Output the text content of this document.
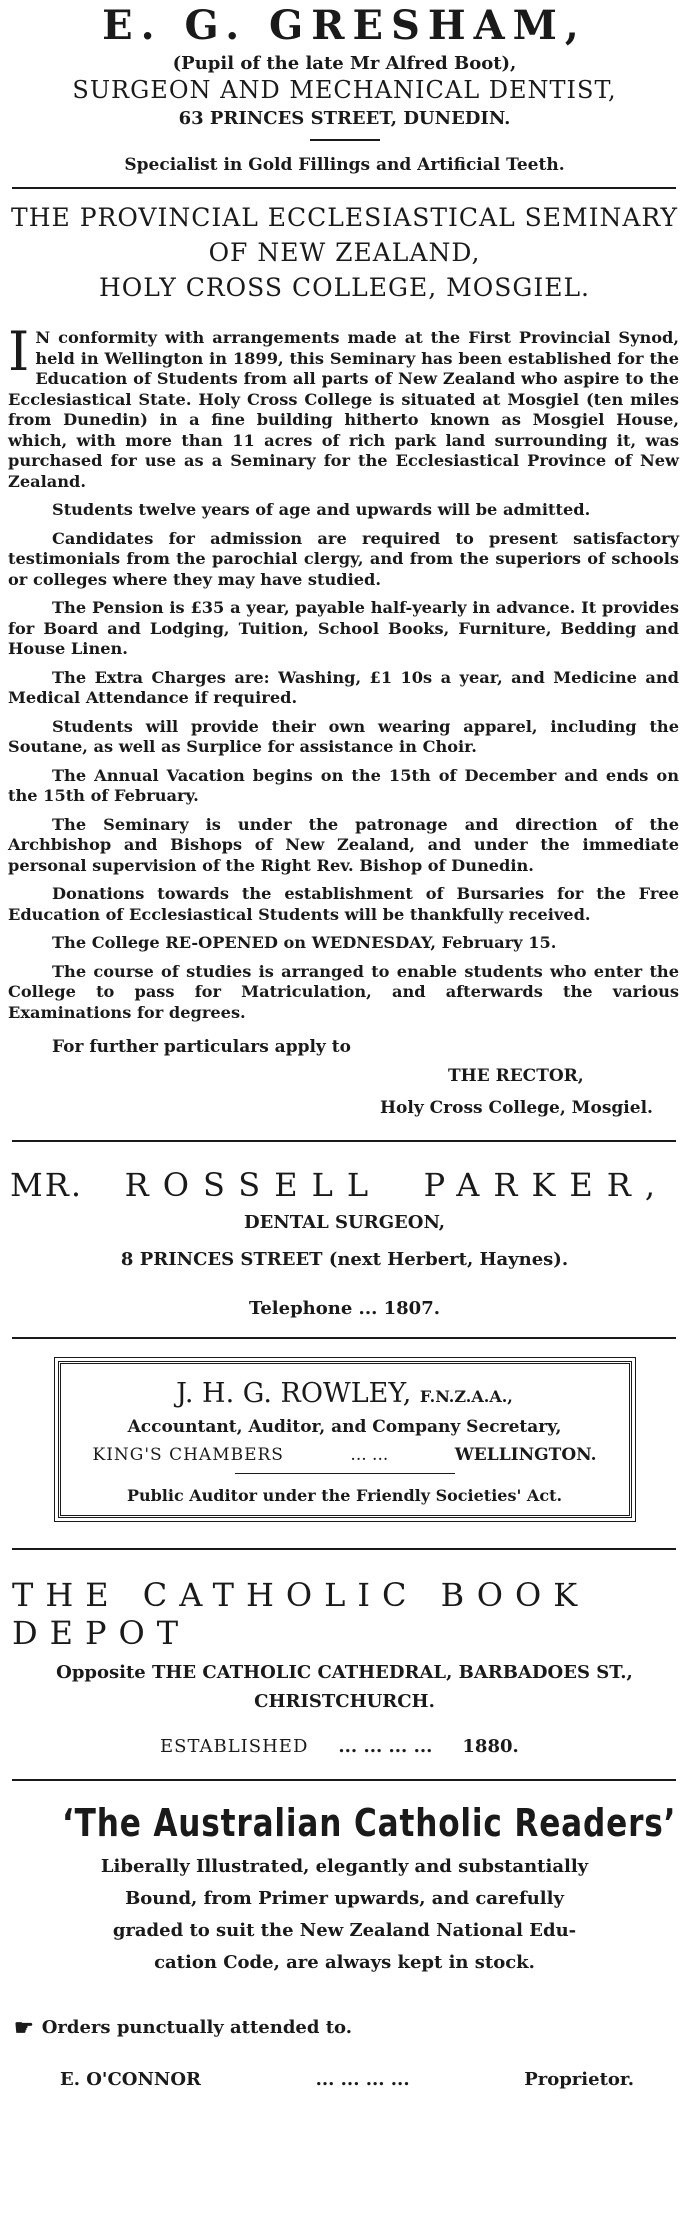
E. G. GRESHAM,
(Pupil of the late Mr Alfred Boot),
SURGEON AND MECHANICAL DENTIST,
63 PRINCES STREET, DUNEDIN.
Specialist in Gold Fillings and Artificial Teeth.
THE PROVINCIAL ECCLESIASTICAL SEMINARY
OF NEW ZEALAND,
HOLY CROSS COLLEGE, MOSGIEL.

I N conformity with arrangements made at the First Provincial Synod, held in Wellington in 1899, this Seminary has been established for the Education of Students from all parts of New Zealand who aspire to the Ecclesiastical State. Holy Cross College is situated at Mosgiel (ten miles from Dunedin) in a fine building hitherto known as Mosgiel House, which, with more than 11 acres of rich park land surrounding it, was purchased for use as a Seminary for the Ecclesiastical Province of New Zealand.

Students twelve years of age and upwards will be admitted.

Candidates for admission are required to present satisfactory testimonials from the parochial clergy, and from the superiors of schools or colleges where they may have studied.

The Pension is £35 a year, payable half-yearly in advance. It provides for Board and Lodging, Tuition, School Books, Furniture, Bedding and House Linen.

The Extra Charges are: Washing, £1 10s a year, and Medicine and Medical Attendance if required.

Students will provide their own wearing apparel, including the Soutane, as well as Surplice for assistance in Choir.

The Annual Vacation begins on the 15th of December and ends on the 15th of February.

The Seminary is under the patronage and direction of the Archbishop and Bishops of New Zealand, and under the immediate personal supervision of the Right Rev. Bishop of Dunedin.

Donations towards the establishment of Bursaries for the Free Education of Ecclesiastical Students will be thankfully received.

The College RE-OPENED on WEDNESDAY, February 15.

The course of studies is arranged to enable students who enter the College to pass for Matriculation, and afterwards the various Examinations for degrees.

For further particulars apply to

THE RECTOR,
Holy Cross College, Mosgiel.
MR. ROSSELL PARKER,
DENTAL SURGEON,
8 PRINCES STREET (next Herbert, Haynes).
Telephone ... 1807.
J. H. G. ROWLEY, F.N.Z.A.A.,
Accountant, Auditor, and Company Secretary,
KING'S CHAMBERS	... ...	WELLINGTON.
Public Auditor under the Friendly Societies' Act.
THE CATHOLIC BOOK DEPOT
Opposite THE CATHOLIC CATHEDRAL, BARBADOES ST.,
CHRISTCHURCH.
ESTABLISHED ... ... ... ... 1880.
‘The Australian Catholic Readers’
Liberally Illustrated, elegantly and substantially
Bound, from Primer upwards, and carefully
graded to suit the New Zealand National Edu-
cation Code, are always kept in stock.
☛ Orders punctually attended to.
E. O'CONNOR	... ... ... ...	Proprietor.
